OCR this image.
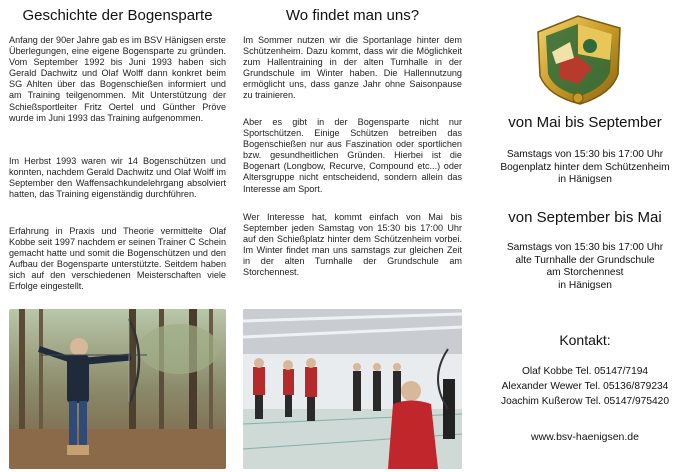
Geschichte der Bogensparte

Anfang der 90er Jahre gab es im BSV Hänigsen erste Überlegungen, eine eigene Bogensparte zu gründen. Vom September 1992 bis Juni 1993 haben sich Gerald Dachwitz und Olaf Wolff dann konkret beim SG Ahlten über das Bogenschießen informiert und am Training teilgenommen. Mit Unterstützung der Schießsportleiter Fritz Oertel und Günther Pröve wurde im Juni 1993 das Training aufgenommen.

Im Herbst 1993 waren wir 14 Bogenschützen und konnten, nachdem Gerald Dachwitz und Olaf Wolff im September den Waffensachkundelehrgang absolviert hatten, das Training eigenständig durchführen.

Erfahrung in Praxis und Theorie vermittelte Olaf Kobbe seit 1997 nachdem er seinen Trainer C Schein gemacht hatte und somit die Bogenschützen und den Aufbau der Bogensparte unterstützte. Seitdem haben sich auf den verschiedenen Meisterschaften viele Erfolge eingestellt.

Wo findet man uns?

Im Sommer nutzen wir die Sportanlage hinter dem Schützenheim. Dazu kommt, dass wir die Möglichkeit zum Hallentraining in der alten Turnhalle in der Grundschule im Winter haben. Die Hallennutzung ermöglicht uns, dass ganze Jahr ohne Saisonpause zu trainieren.

Aber es gibt in der Bogensparte nicht nur Sportschützen. Einige Schützen betreiben das Bogenschießen nur aus Faszination oder sportlichen bzw. gesundheitlichen Gründen. Hierbei ist die Bogenart (Longbow, Recurve, Compound etc...) oder Altersgruppe nicht entscheidend, sondern allein das Interesse am Sport.

Wer Interesse hat, kommt einfach von Mai bis September jeden Samstag von 15:30 bis 17:00 Uhr auf den Schießplatz hinter dem Schützenheim vorbei. Im Winter findet man uns samstags zur gleichen Zeit in der alten Turnhalle der Grundschule am Storchennest.

von Mai bis September
Samstags von 15:30 bis 17:00 Uhr
Bogenplatz hinter dem Schützenheim
in Hänigsen
von September bis Mai
Samstags von 15:30 bis 17:00 Uhr
alte Turnhalle der Grundschule
am Storchennest
in Hänigsen
Kontakt:
Olaf Kobbe Tel. 05147/7194
Alexander Wewer Tel. 05136/879234
Joachim Kußerow Tel. 05147/975420
www.bsv-haenigsen.de
